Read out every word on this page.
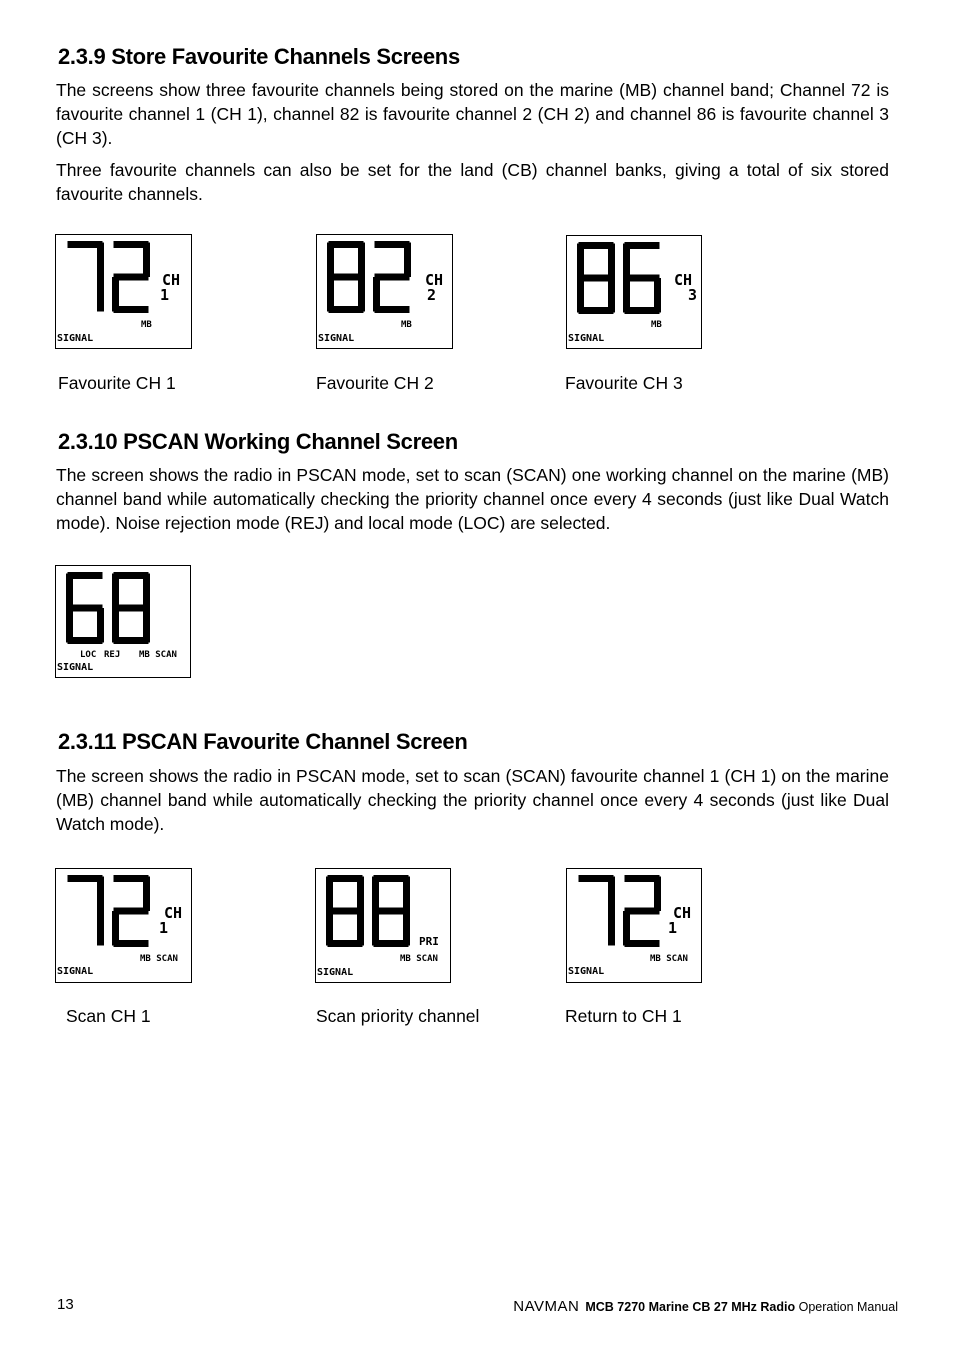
2.3.9 Store Favourite Channels Screens

The screens show three favourite channels being stored on the marine (MB) channel band; Channel 72 is favourite channel 1 (CH 1), channel 82 is favourite channel 2 (CH 2) and channel 86 is favourite channel 3 (CH 3).

Three favourite channels can also be set for the land (CB) channel banks, giving a total of six stored favourite channels.

CH
1
MB
SIGNAL
Favourite CH 1
CH
2
MB
SIGNAL
Favourite CH 2
CH
3
MB
SIGNAL
Favourite CH 3
2.3.10 PSCAN Working Channel Screen

The screen shows the radio in PSCAN mode, set to scan (SCAN) one working channel on the marine (MB) channel band while automatically checking the priority channel once every 4 seconds (just like Dual Watch mode). Noise rejection mode (REJ) and local mode (LOC) are selected.

LOC REJ MB SCAN
SIGNAL
2.3.11 PSCAN Favourite Channel Screen

The screen shows the radio in PSCAN mode, set to scan (SCAN) favourite channel 1 (CH 1) on the marine (MB) channel band while automatically checking the priority channel once every 4 seconds (just like Dual Watch mode).

CH
1
MB SCAN
SIGNAL
Scan CH 1
PRI
MB SCAN
SIGNAL
Scan priority channel
CH
1
MB SCAN
SIGNAL
Return to CH 1
13	NAVMAN MCB 7270 Marine CB 27 MHz Radio Operation Manual
